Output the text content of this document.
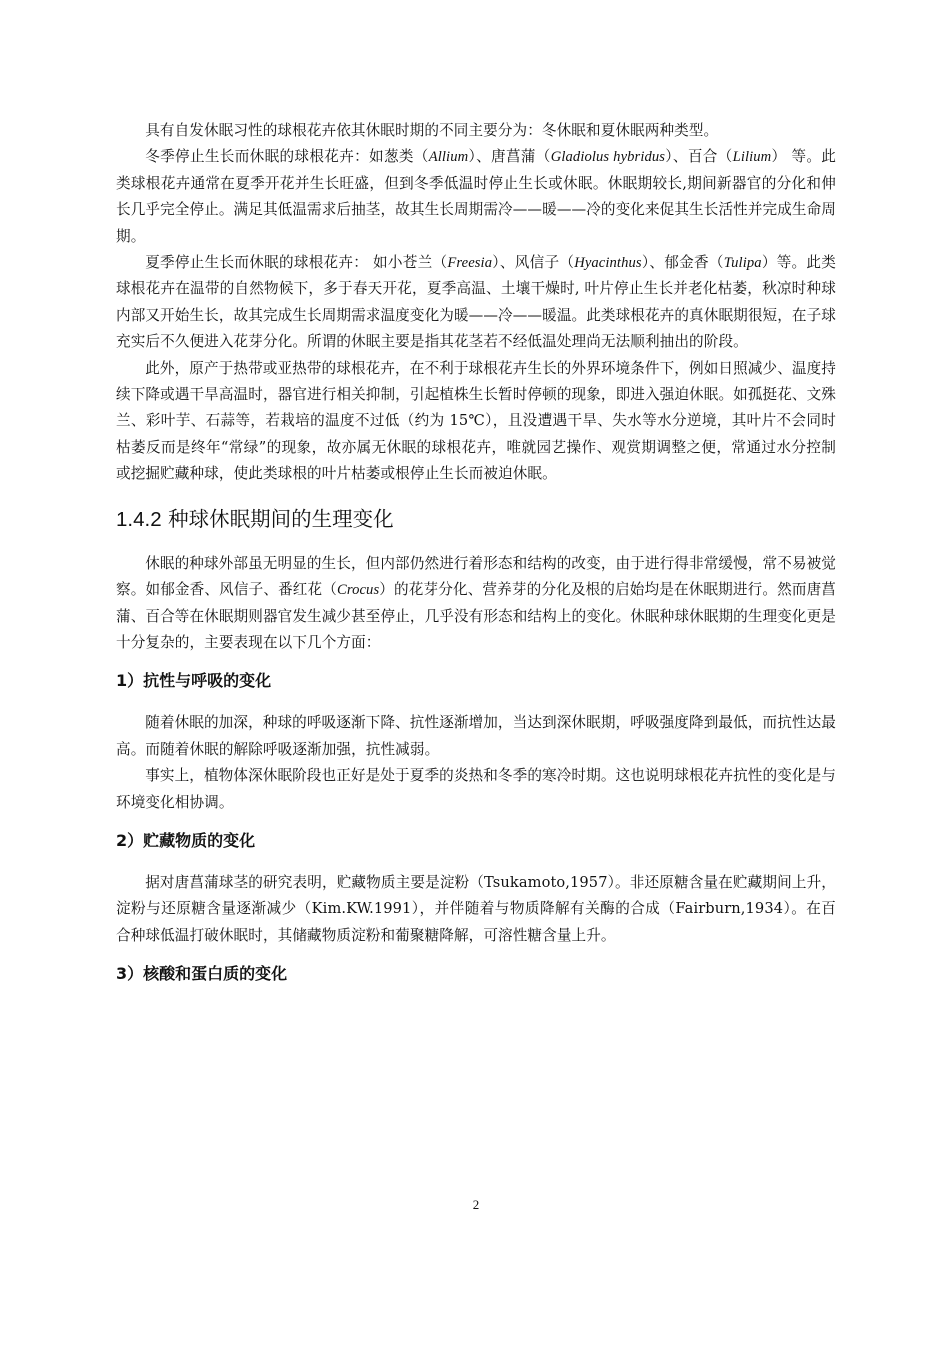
具有自发休眠习性的球根花卉依其休眠时期的不同主要分为：冬休眠和夏休眠两种类型。

冬季停止生长而休眠的球根花卉：如葱类（Allium）、唐菖蒲（Gladiolus hybridus）、百合（Lilium） 等。此类球根花卉通常在夏季开花并生长旺盛，但到冬季低温时停止生长或休眠。休眠期较长,期间新器官的分化和伸长几乎完全停止。满足其低温需求后抽茎，故其生长周期需冷——暖——冷的变化来促其生长活性并完成生命周期。

夏季停止生长而休眠的球根花卉： 如小苍兰（Freesia）、风信子（Hyacinthus）、郁金香（Tulipa）等。此类球根花卉在温带的自然物候下，多于春天开花，夏季高温、土壤干燥时, 叶片停止生长并老化枯萎，秋凉时种球内部又开始生长，故其完成生长周期需求温度变化为暖——冷——暖温。此类球根花卉的真休眠期很短，在子球充实后不久便进入花芽分化。所谓的休眠主要是指其花茎若不经低温处理尚无法顺利抽出的阶段。

此外，原产于热带或亚热带的球根花卉，在不利于球根花卉生长的外界环境条件下，例如日照减少、温度持续下降或遇干旱高温时，器官进行相关抑制，引起植株生长暂时停顿的现象，即进入强迫休眠。如孤挺花、文殊兰、彩叶芋、石蒜等，若栽培的温度不过低（约为 15℃），且没遭遇干旱、失水等水分逆境，其叶片不会同时枯萎反而是终年“常绿”的现象，故亦属无休眠的球根花卉，唯就园艺操作、观赏期调整之便，常通过水分控制或挖掘贮藏种球，使此类球根的叶片枯萎或根停止生长而被迫休眠。

1.4.2 种球休眠期间的生理变化

休眠的种球外部虽无明显的生长，但内部仍然进行着形态和结构的改变，由于进行得非常缓慢，常不易被觉察。如郁金香、风信子、番红花（Crocus）的花芽分化、营养芽的分化及根的启始均是在休眠期进行。然而唐菖蒲、百合等在休眠期则器官发生减少甚至停止，几乎没有形态和结构上的变化。休眠种球休眠期的生理变化更是十分复杂的，主要表现在以下几个方面：

1）抗性与呼吸的变化

随着休眠的加深，种球的呼吸逐渐下降、抗性逐渐增加，当达到深休眠期，呼吸强度降到最低，而抗性达最高。而随着休眠的解除呼吸逐渐加强，抗性减弱。

事实上，植物体深休眠阶段也正好是处于夏季的炎热和冬季的寒冷时期。这也说明球根花卉抗性的变化是与环境变化相协调。

2）贮藏物质的变化

据对唐菖蒲球茎的研究表明，贮藏物质主要是淀粉（Tsukamoto,1957）。非还原糖含量在贮藏期间上升，淀粉与还原糖含量逐渐减少（Kim.KW.1991），并伴随着与物质降解有关酶的合成（Fairburn,1934）。在百合种球低温打破休眠时，其储藏物质淀粉和葡聚糖降解，可溶性糖含量上升。

3）核酸和蛋白质的变化
2
